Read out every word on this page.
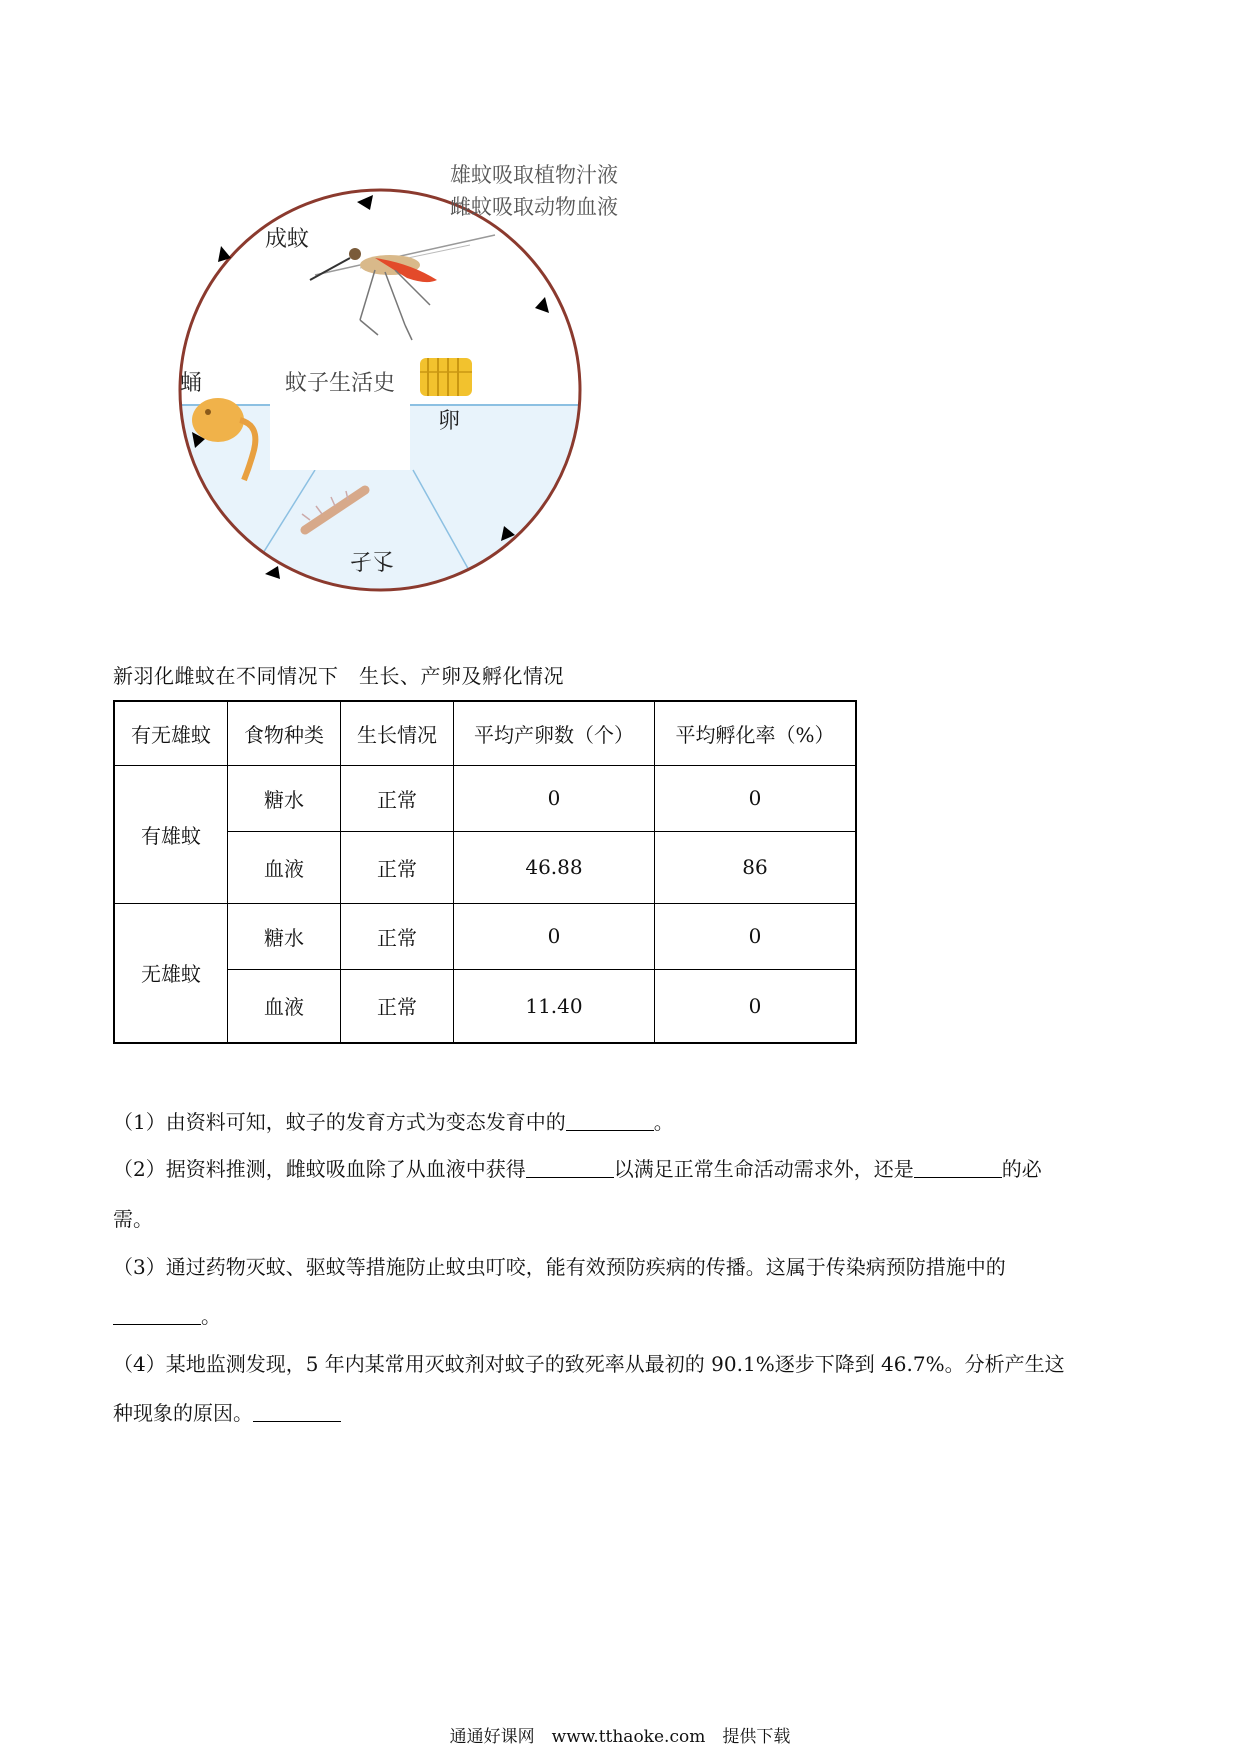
蚊子生活史
雄蚊吸取植物汁液
雌蚊吸取动物血液
成蚊
卵
蛹
孑孓
新羽化雌蚊在不同情况下　生长、产卵及孵化情况
有无雄蚊	食物种类	生长情况	平均产卵数（个）	平均孵化率（%）
有雄蚊	糖水	正常	0	0
	血液	正常	46.88	86
无雄蚊	糖水	正常	0	0
	血液	正常	11.40	0
（1）由资料可知，蚊子的发育方式为变态发育中的	。
（2）据资料推测，雌蚊吸血除了从血液中获得	以满足正常生命活动需求外，还是	的必
需。
（3）通过药物灭蚊、驱蚊等措施防止蚊虫叮咬，能有效预防疾病的传播。这属于传染病预防措施中的
。
（4）某地监测发现，5 年内某常用灭蚊剂对蚊子的致死率从最初的 90.1%逐步下降到 46.7%。分析产生这
种现象的原因。
通通好课网　www.tthaoke.com　提供下载
